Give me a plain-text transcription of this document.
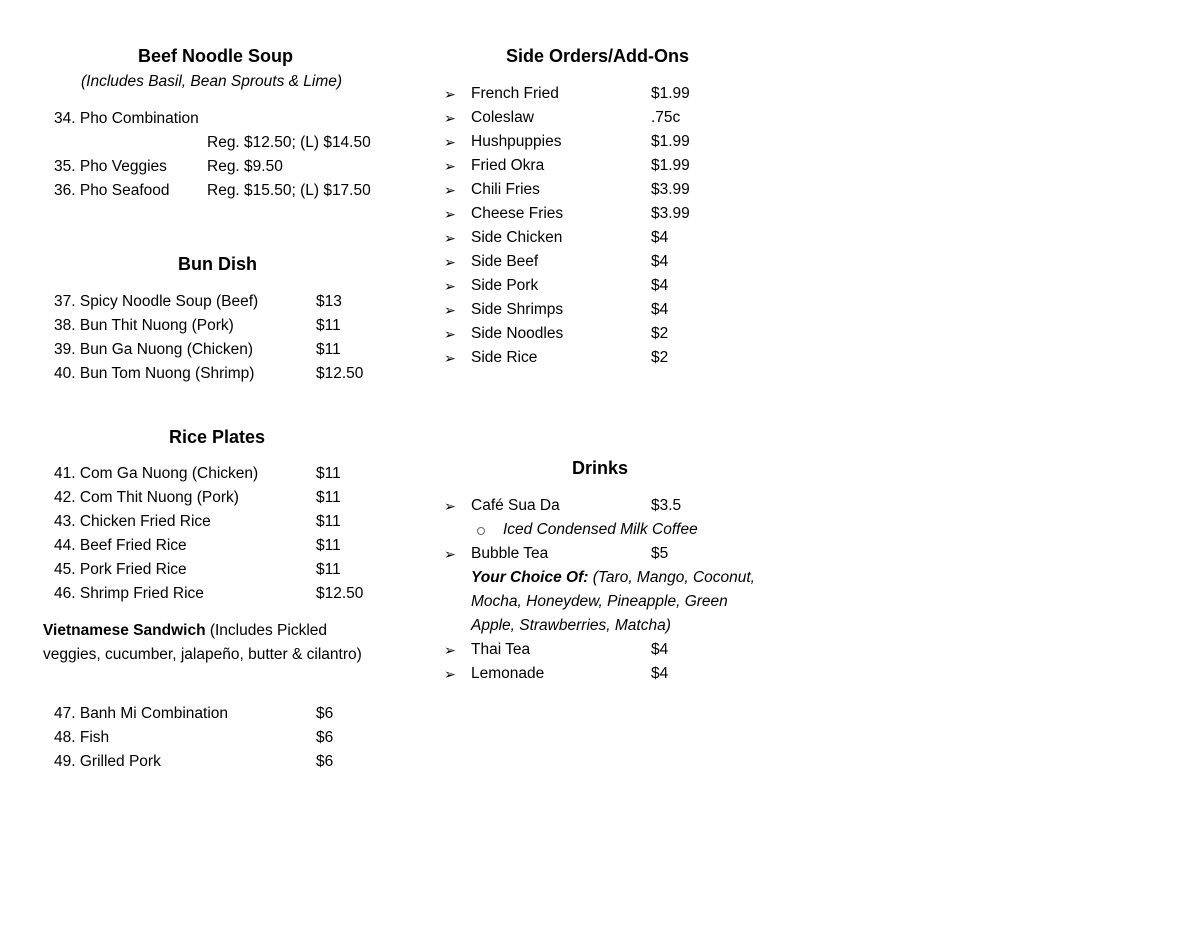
Beef Noodle Soup
(Includes Basil, Bean Sprouts & Lime)
34. Pho Combination
Reg. $12.50; (L) $14.50
35. Pho Veggies	Reg. $9.50
36. Pho Seafood Reg. $15.50; (L) $17.50
Bun Dish
37. Spicy Noodle Soup (Beef)	$13
38. Bun Thit Nuong (Pork)	$11
39. Bun Ga Nuong (Chicken)	$11
40. Bun Tom Nuong (Shrimp)	$12.50
Rice Plates
41. Com Ga Nuong (Chicken)	$11
42. Com Thit Nuong (Pork)	$11
43. Chicken Fried Rice	$11
44. Beef Fried Rice	$11
45. Pork Fried Rice	$11
46. Shrimp Fried Rice	$12.50
Vietnamese Sandwich (Includes Pickled veggies, cucumber, jalapeño, butter & cilantro)
47. Banh Mi Combination	$6
48. Fish	$6
49. Grilled Pork	$6
Side Orders/Add-Ons
➢ French Fried	$1.99
➢ Coleslaw	.75c
➢ Hushpuppies	$1.99
➢ Fried Okra	$1.99
➢ Chili Fries	$3.99
➢ Cheese Fries	$3.99
➢ Side Chicken	$4
➢ Side Beef	$4
➢ Side Pork	$4
➢ Side Shrimps	$4
➢ Side Noodles	$2
➢ Side Rice	$2
Drinks
➢ Café Sua Da	$3.5
Iced Condensed Milk Coffee
➢ Bubble Tea	$5
Your Choice Of: (Taro, Mango, Coconut,
Mocha, Honeydew, Pineapple, Green
Apple, Strawberries, Matcha)
➢ Thai Tea	$4
➢ Lemonade	$4
